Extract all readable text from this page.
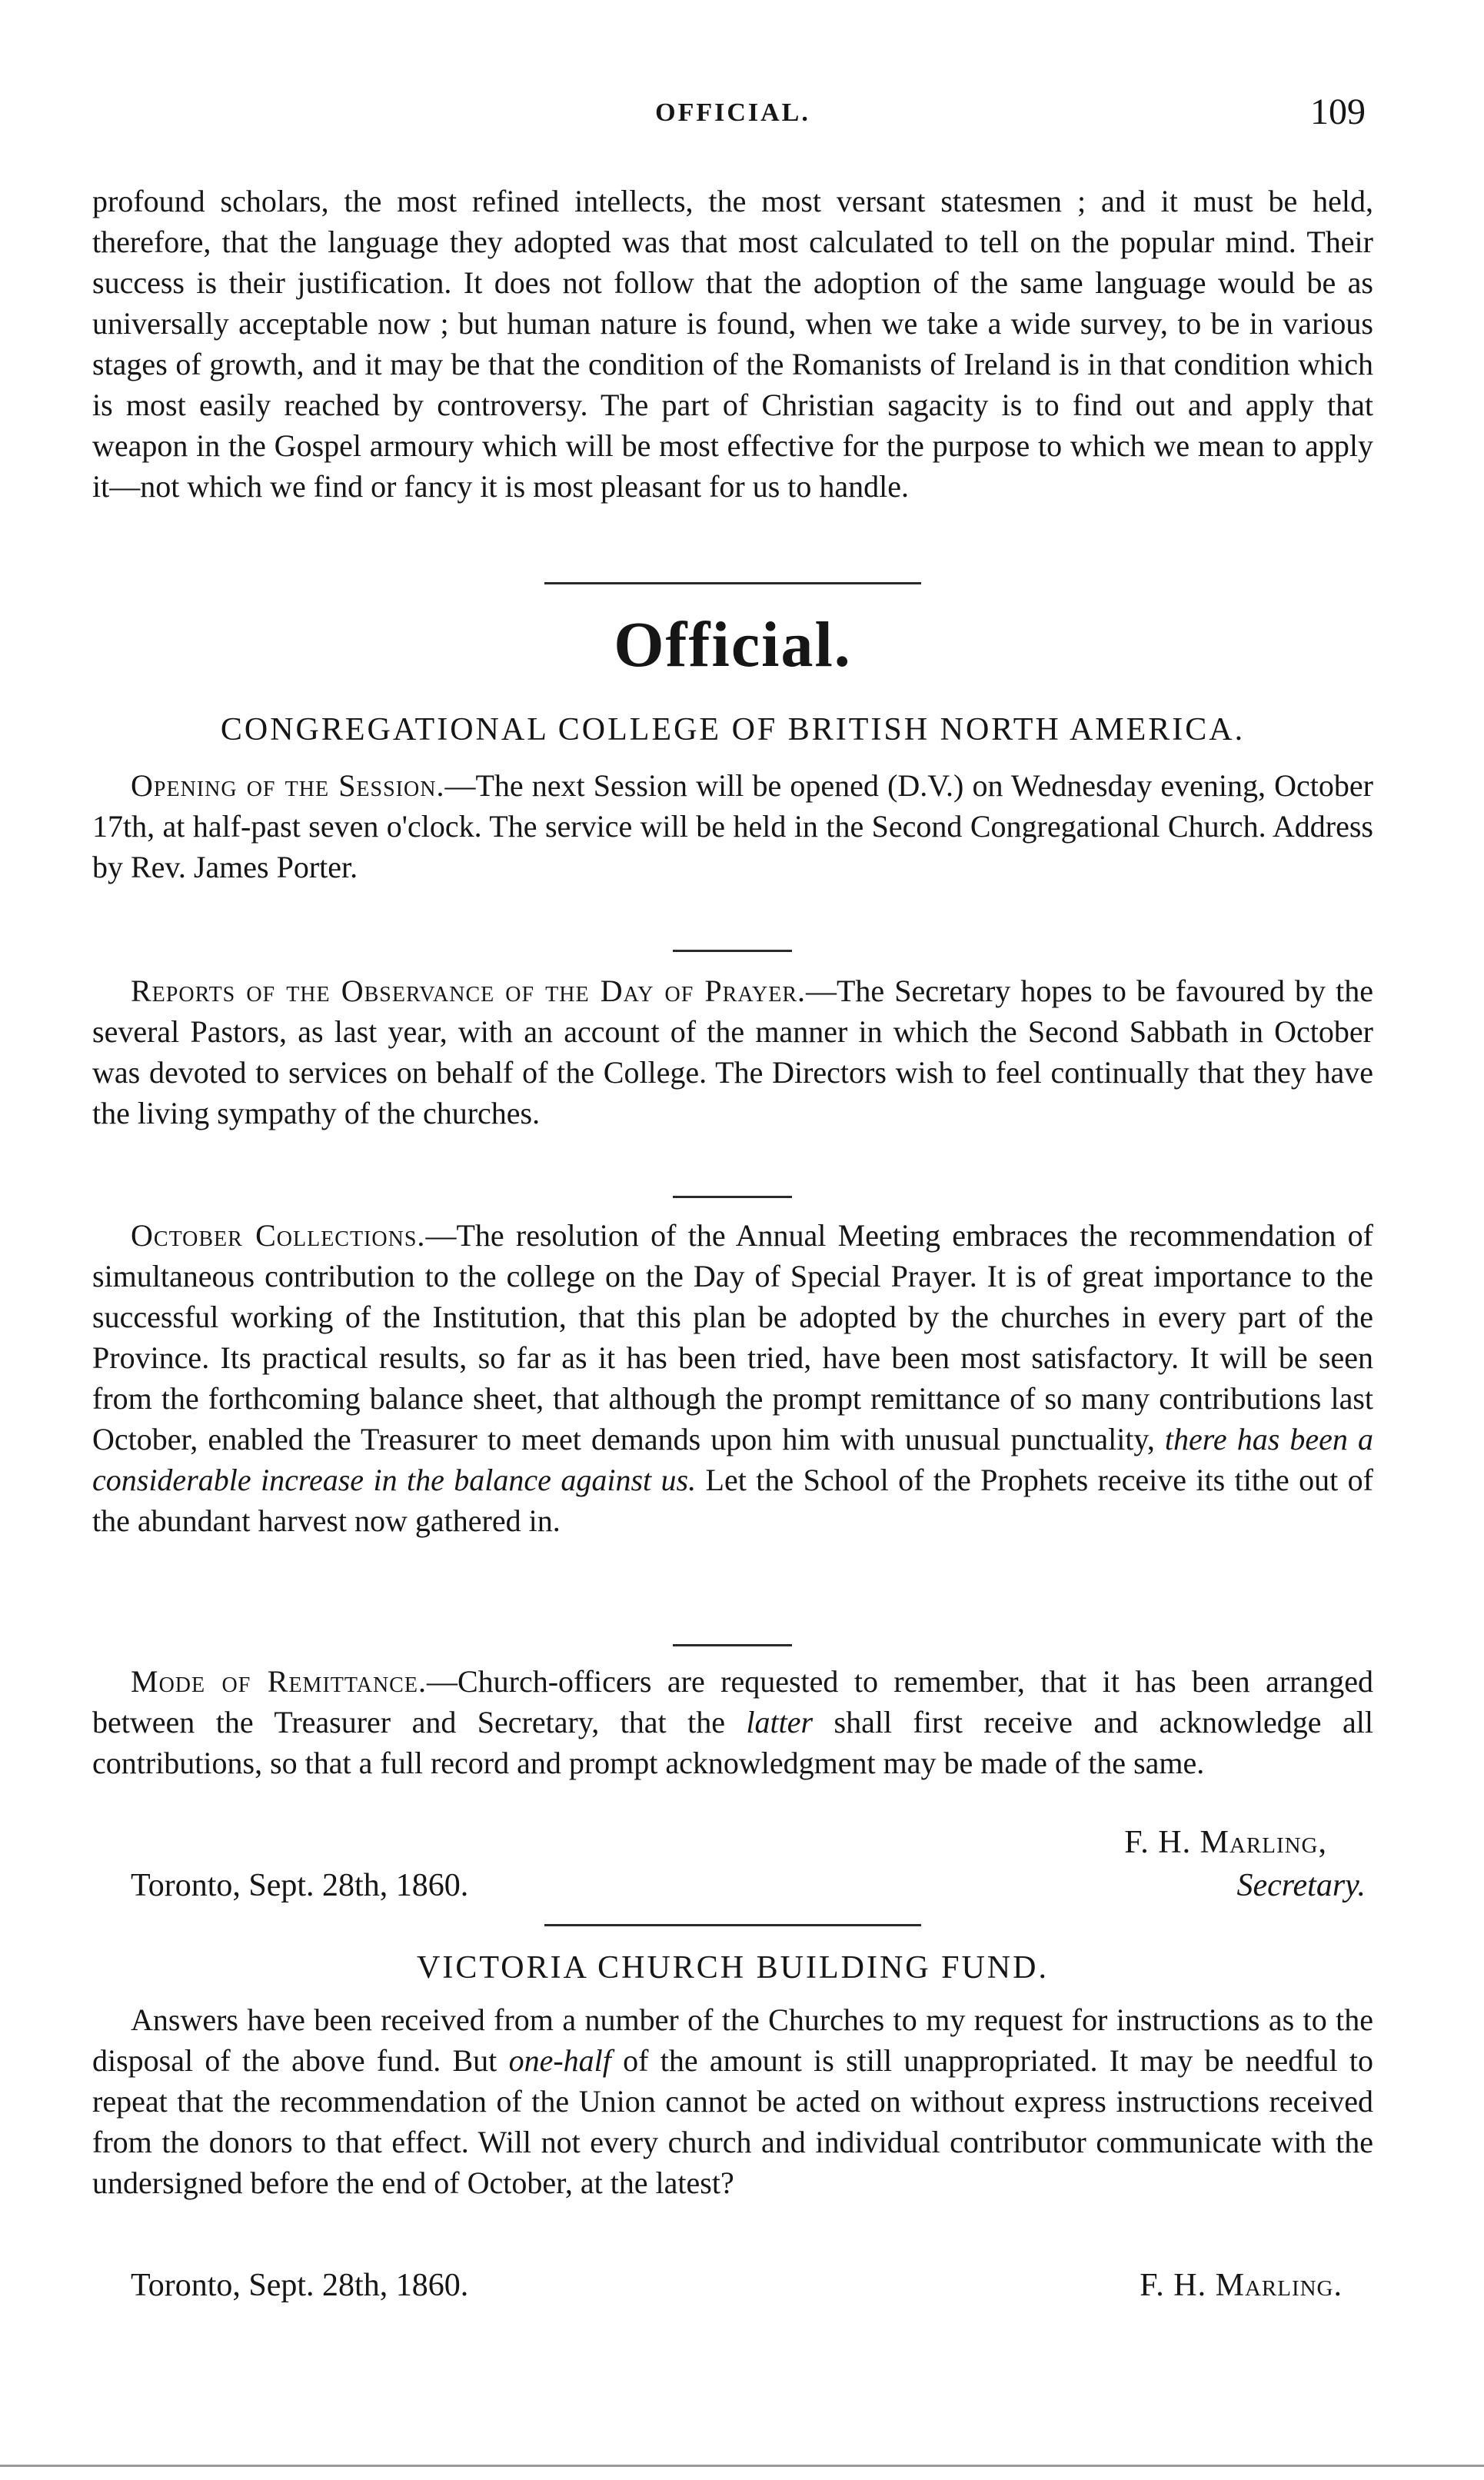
OFFICIAL.	109

profound scholars, the most refined intellects, the most versant statesmen ; and it must be held, therefore, that the language they adopted was that most calculated to tell on the popular mind. Their success is their justification. It does not follow that the adoption of the same language would be as universally acceptable now ; but human nature is found, when we take a wide survey, to be in various stages of growth, and it may be that the condition of the Romanists of Ireland is in that condition which is most easily reached by controversy. The part of Christian sagacity is to find out and apply that weapon in the Gospel armoury which will be most effective for the purpose to which we mean to apply it—not which we find or fancy it is most pleasant for us to handle.

Official.
CONGREGATIONAL COLLEGE OF BRITISH NORTH AMERICA.

Opening of the Session.—The next Session will be opened (D.V.) on Wednesday evening, October 17th, at half-past seven o'clock. The service will be held in the Second Congregational Church. Address by Rev. James Porter.

Reports of the Observance of the Day of Prayer.—The Secretary hopes to be favoured by the several Pastors, as last year, with an account of the manner in which the Second Sabbath in October was devoted to services on behalf of the College. The Directors wish to feel continually that they have the living sympathy of the churches.

October Collections.—The resolution of the Annual Meeting embraces the recommendation of simultaneous contribution to the college on the Day of Special Prayer. It is of great importance to the successful working of the Institution, that this plan be adopted by the churches in every part of the Province. Its practical results, so far as it has been tried, have been most satisfactory. It will be seen from the forthcoming balance sheet, that although the prompt remittance of so many contributions last October, enabled the Treasurer to meet demands upon him with unusual punctuality, there has been a considerable increase in the balance against us. Let the School of the Prophets receive its tithe out of the abundant harvest now gathered in.

Mode of Remittance.—Church-officers are requested to remember, that it has been arranged between the Treasurer and Secretary, that the latter shall first receive and acknowledge all contributions, so that a full record and prompt acknowledgment may be made of the same.

F. H. Marling,
Toronto, Sept. 28th, 1860.	Secretary.
VICTORIA CHURCH BUILDING FUND.

Answers have been received from a number of the Churches to my request for instructions as to the disposal of the above fund. But one-half of the amount is still unappropriated. It may be needful to repeat that the recommendation of the Union cannot be acted on without express instructions received from the donors to that effect. Will not every church and individual contributor communicate with the undersigned before the end of October, at the latest?

Toronto, Sept. 28th, 1860.	F. H. Marling.
